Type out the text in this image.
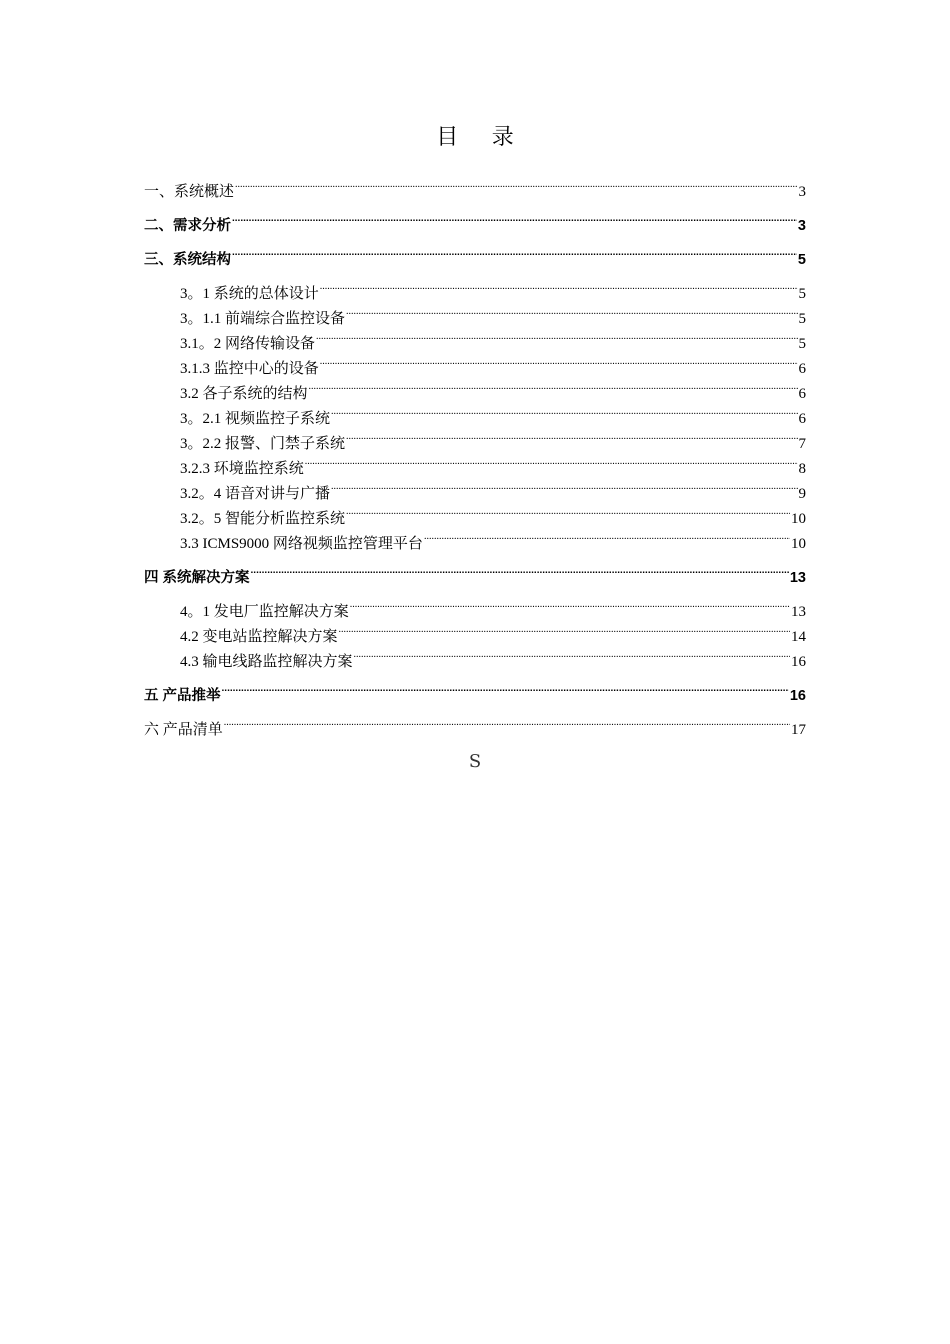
目 录
一、系统概述 .....	3
二、需求分析 .....	3
三、系统结构 .....	5
3。1 系统的总体设计 .....	5
3。1.1 前端综合监控设备 .....	5
3.1。2 网络传输设备 .....	5
3.1.3 监控中心的设备 .....	6
3.2 各子系统的结构 .....	6
3。2.1 视频监控子系统 .....	6
3。2.2 报警、门禁子系统 .....	7
3.2.3 环境监控系统 .....	8
3.2。4 语音对讲与广播 .....	9
3.2。5 智能分析监控系统 .....	10
3.3 ICMS9000 网络视频监控管理平台 .....	10
四 系统解决方案 .....	13
4。1 发电厂监控解决方案 .....	13
4.2 变电站监控解决方案 .....	14
4.3 输电线路监控解决方案 .....	16
五 产品推举 .....	16
六 产品清单 .....	17
S
